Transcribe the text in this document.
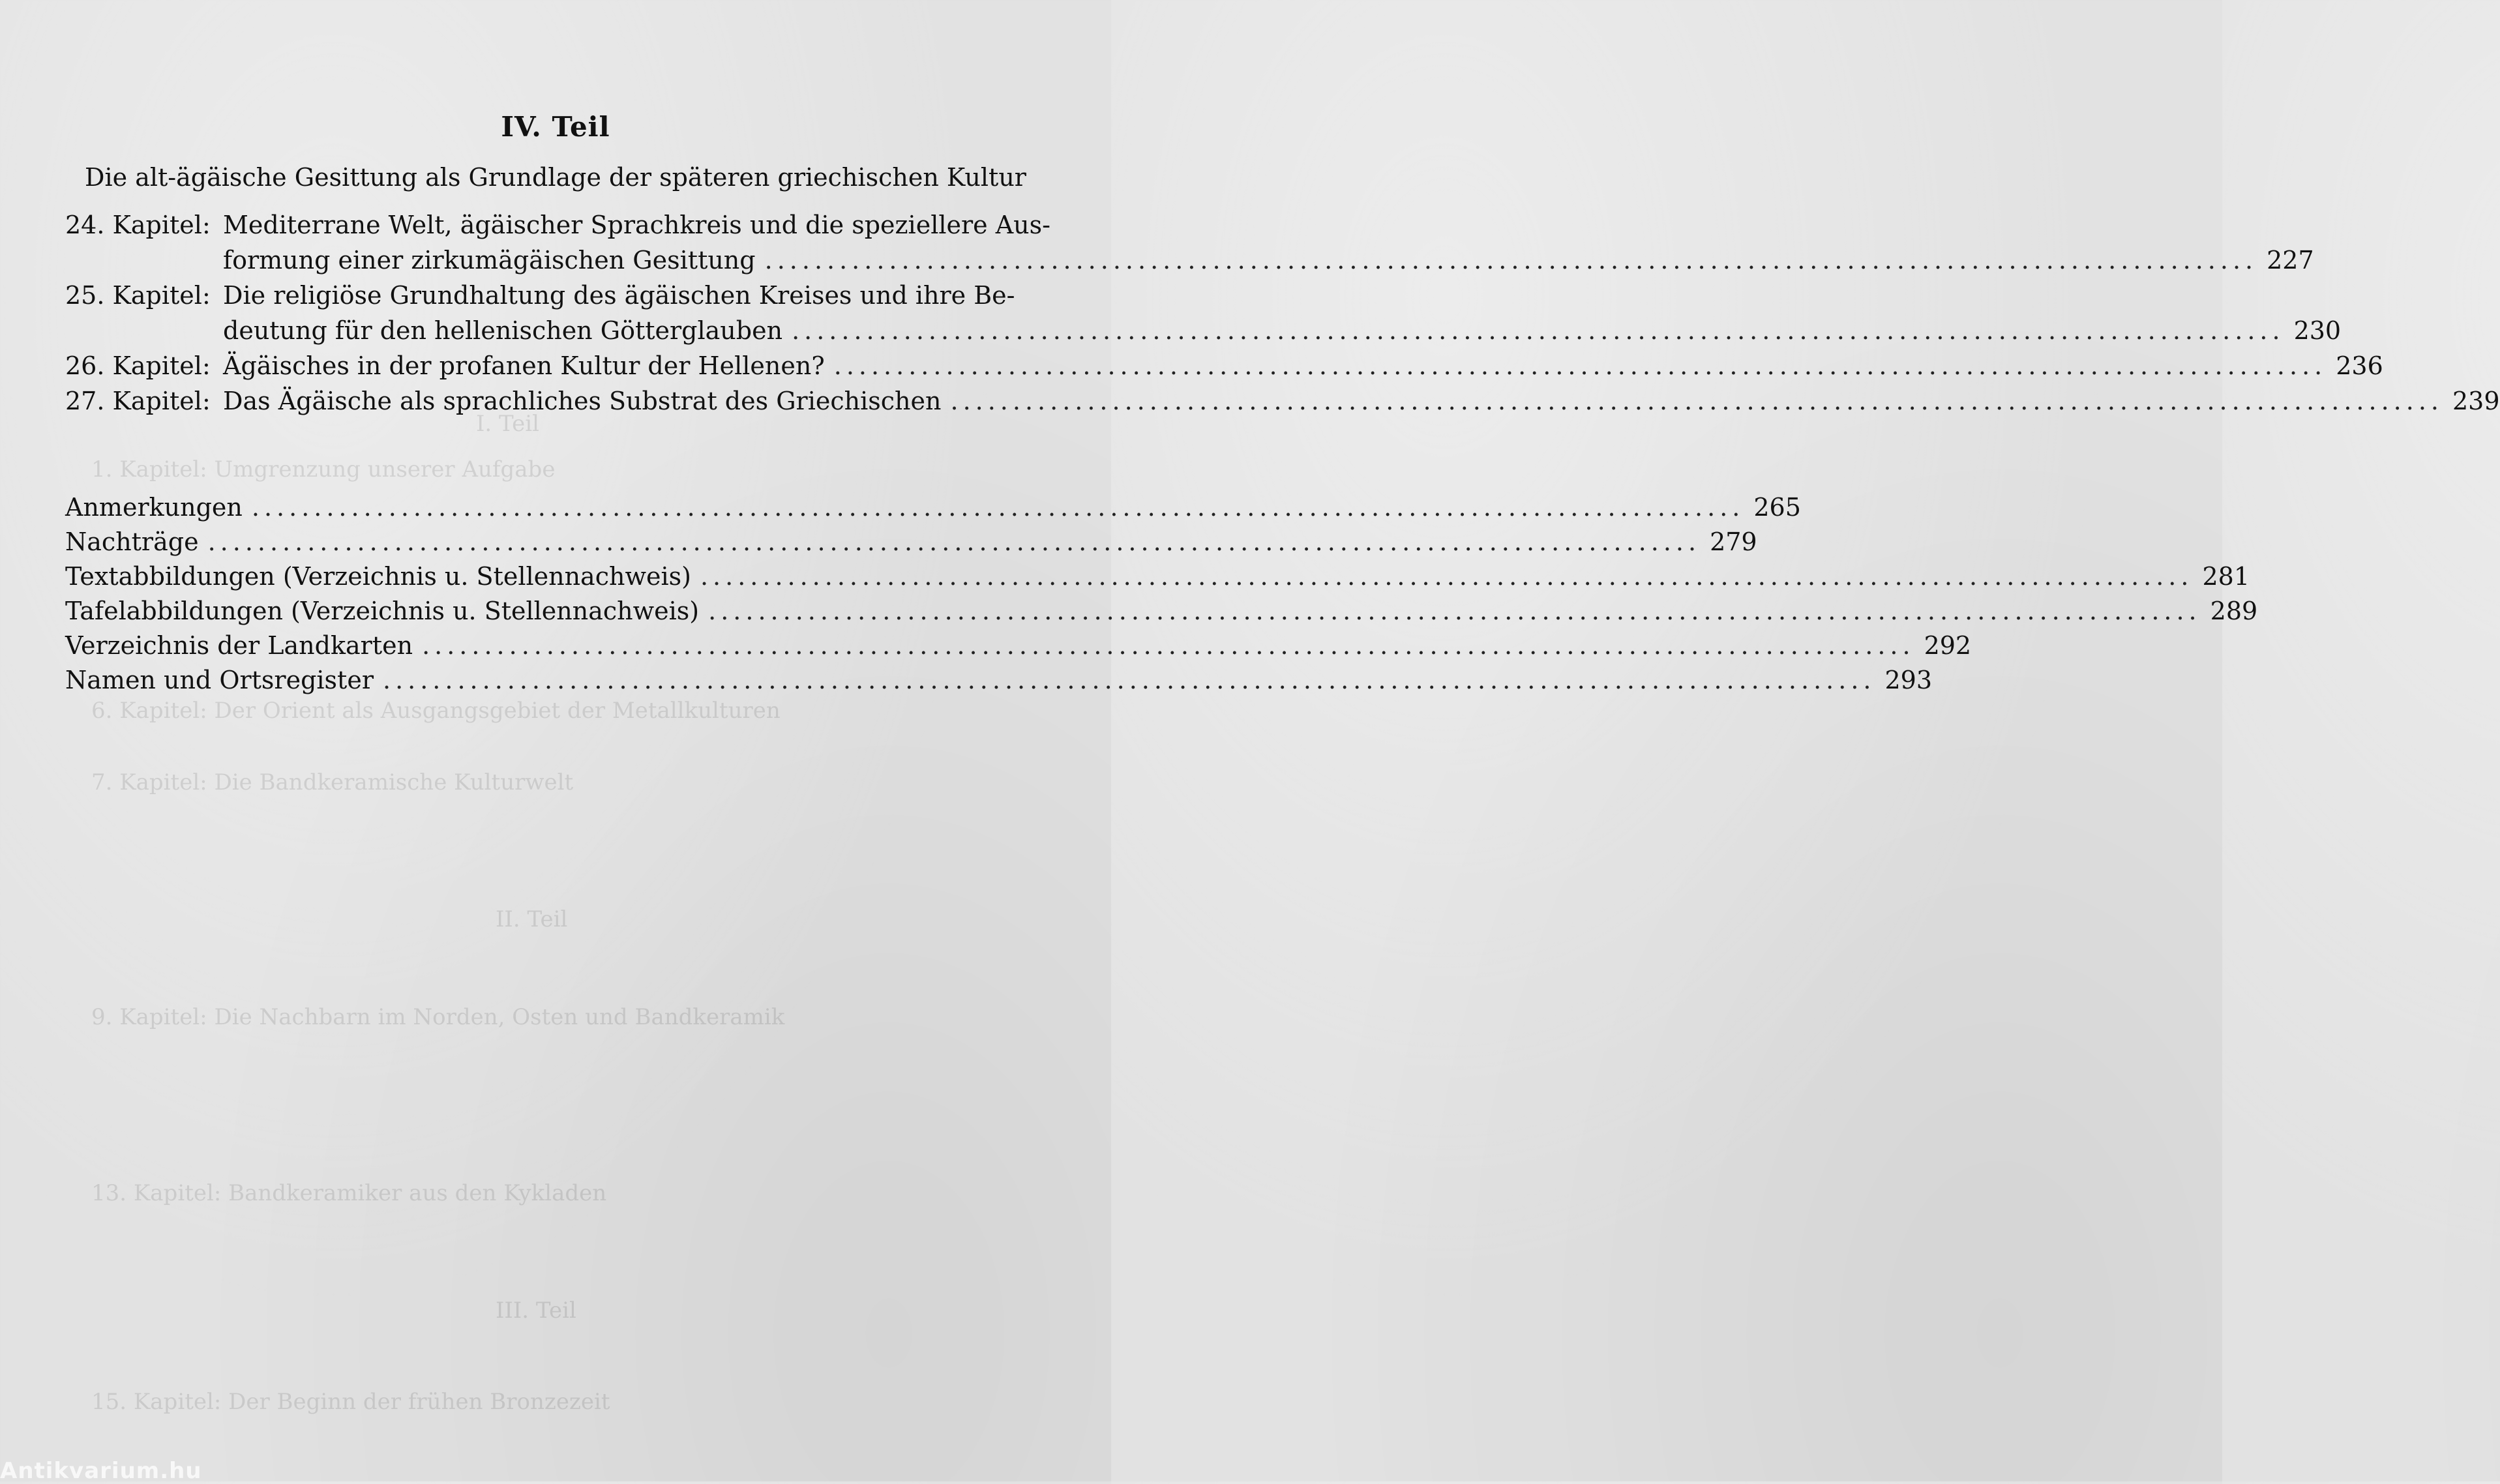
I. Teil
1. Kapitel: Umgrenzung unserer Aufgabe
6. Kapitel: Der Orient als Ausgangsgebiet der Metallkulturen
7. Kapitel: Die Bandkeramische Kulturwelt
II. Teil
9. Kapitel: Die Nachbarn im Norden, Osten und Bandkeramik
13. Kapitel: Bandkeramiker aus den Kykladen
III. Teil
15. Kapitel: Der Beginn der frühen Bronzezeit
IV. Teil
Die alt-ägäische Gesittung als Grundlage der späteren griechischen Kultur
24. Kapitel: Mediterrane Welt, ägäischer Sprachkreis und die speziellere Aus-
formung einer zirkumägäischen Gesittung ........................................................................................................................ 227
25. Kapitel: Die religiöse Grundhaltung des ägäischen Kreises und ihre Be-
deutung für den hellenischen Götterglauben ........................................................................................................................ 230
26. Kapitel: Ägäisches in der profanen Kultur der Hellenen? ........................................................................................................................ 236
27. Kapitel: Das Ägäische als sprachliches Substrat des Griechischen ........................................................................................................................ 239
Anmerkungen ........................................................................................................................ 265
Nachträge ........................................................................................................................ 279
Textabbildungen (Verzeichnis u. Stellennachweis) ........................................................................................................................ 281
Tafelabbildungen (Verzeichnis u. Stellennachweis) ........................................................................................................................ 289
Verzeichnis der Landkarten ........................................................................................................................ 292
Namen und Ortsregister ........................................................................................................................ 293
Antikvarium.hu
